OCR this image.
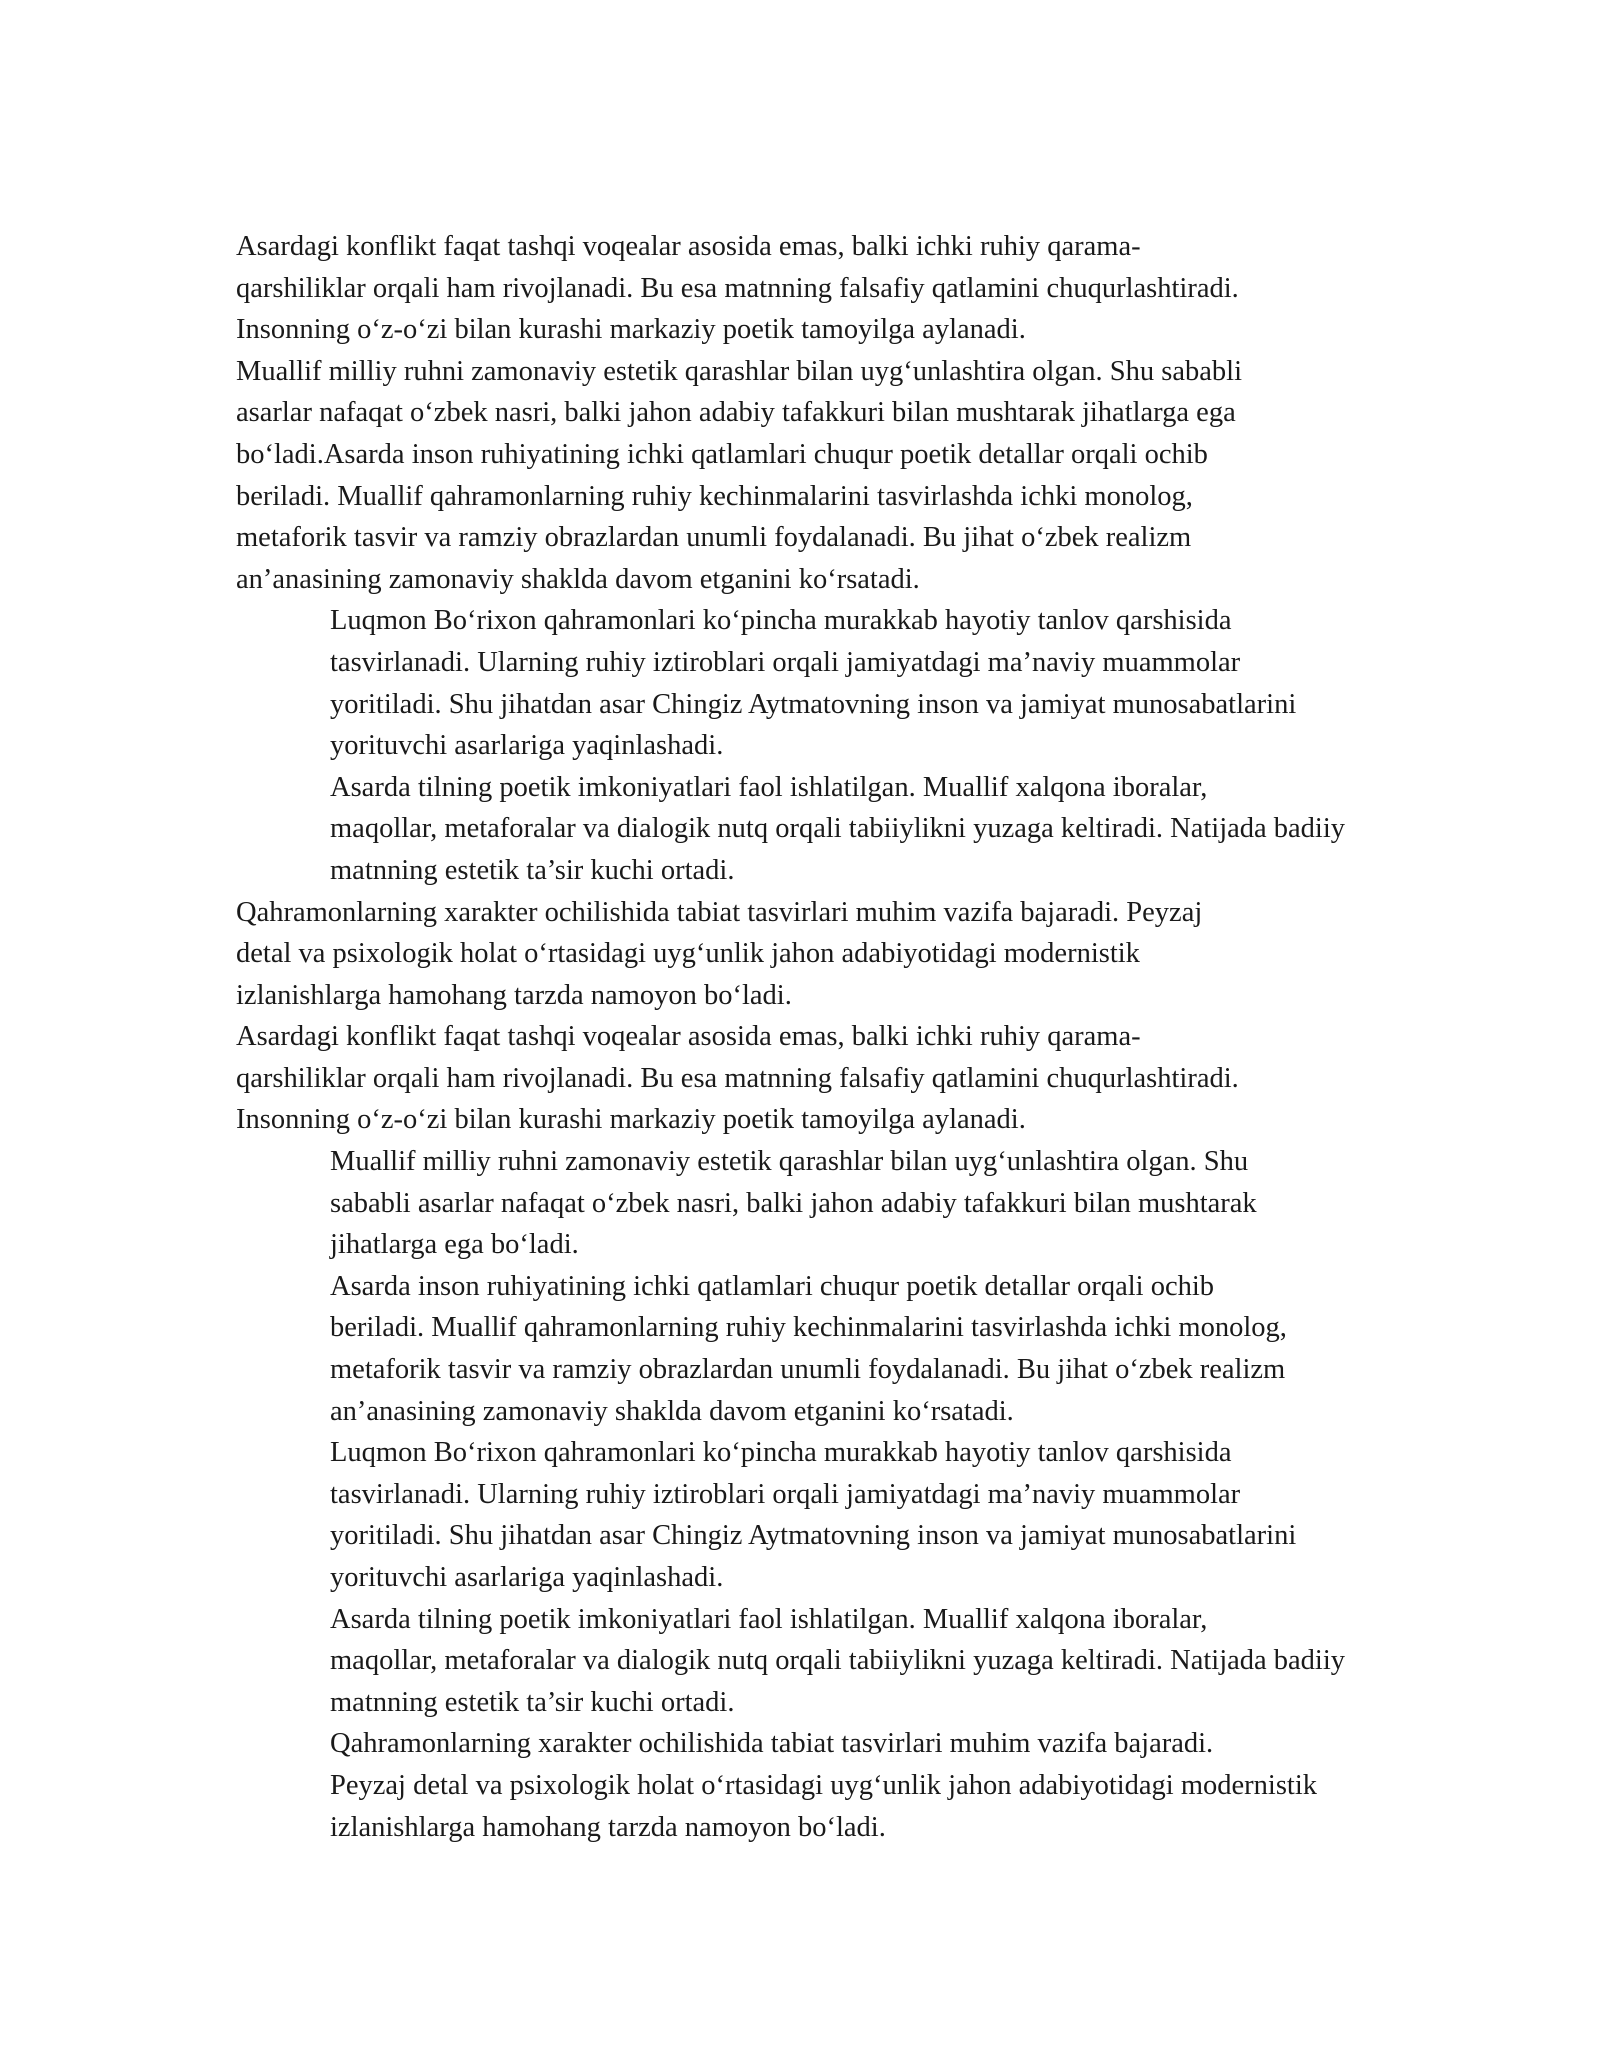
Asardagi konflikt faqat tashqi voqealar asosida emas, balki ichki ruhiy qarama-
qarshiliklar orqali ham rivojlanadi. Bu esa matnning falsafiy qatlamini chuqurlashtiradi.
Insonning o‘z-o‘zi bilan kurashi markaziy poetik tamoyilga aylanadi.

Muallif milliy ruhni zamonaviy estetik qarashlar bilan uyg‘unlashtira olgan. Shu sababli
asarlar nafaqat o‘zbek nasri, balki jahon adabiy tafakkuri bilan mushtarak jihatlarga ega
bo‘ladi.Asarda inson ruhiyatining ichki qatlamlari chuqur poetik detallar orqali ochib
beriladi. Muallif qahramonlarning ruhiy kechinmalarini tasvirlashda ichki monolog,
metaforik tasvir va ramziy obrazlardan unumli foydalanadi. Bu jihat o‘zbek realizm
an’anasining zamonaviy shaklda davom etganini ko‘rsatadi.

Luqmon Bo‘rixon qahramonlari ko‘pincha murakkab hayotiy tanlov qarshisida
tasvirlanadi. Ularning ruhiy iztiroblari orqali jamiyatdagi ma’naviy muammolar
yoritiladi. Shu jihatdan asar Chingiz Aytmatovning inson va jamiyat munosabatlarini
yorituvchi asarlariga yaqinlashadi.

Asarda tilning poetik imkoniyatlari faol ishlatilgan. Muallif xalqona iboralar,
maqollar, metaforalar va dialogik nutq orqali tabiiylikni yuzaga keltiradi. Natijada badiiy
matnning estetik ta’sir kuchi ortadi.

Qahramonlarning xarakter ochilishida tabiat tasvirlari muhim vazifa bajaradi. Peyzaj
detal va psixologik holat o‘rtasidagi uyg‘unlik jahon adabiyotidagi modernistik
izlanishlarga hamohang tarzda namoyon bo‘ladi.

Asardagi konflikt faqat tashqi voqealar asosida emas, balki ichki ruhiy qarama-
qarshiliklar orqali ham rivojlanadi. Bu esa matnning falsafiy qatlamini chuqurlashtiradi.
Insonning o‘z-o‘zi bilan kurashi markaziy poetik tamoyilga aylanadi.

Muallif milliy ruhni zamonaviy estetik qarashlar bilan uyg‘unlashtira olgan. Shu
sababli asarlar nafaqat o‘zbek nasri, balki jahon adabiy tafakkuri bilan mushtarak
jihatlarga ega bo‘ladi.

Asarda inson ruhiyatining ichki qatlamlari chuqur poetik detallar orqali ochib
beriladi. Muallif qahramonlarning ruhiy kechinmalarini tasvirlashda ichki monolog,
metaforik tasvir va ramziy obrazlardan unumli foydalanadi. Bu jihat o‘zbek realizm
an’anasining zamonaviy shaklda davom etganini ko‘rsatadi.

Luqmon Bo‘rixon qahramonlari ko‘pincha murakkab hayotiy tanlov qarshisida
tasvirlanadi. Ularning ruhiy iztiroblari orqali jamiyatdagi ma’naviy muammolar
yoritiladi. Shu jihatdan asar Chingiz Aytmatovning inson va jamiyat munosabatlarini
yorituvchi asarlariga yaqinlashadi.

Asarda tilning poetik imkoniyatlari faol ishlatilgan. Muallif xalqona iboralar,
maqollar, metaforalar va dialogik nutq orqali tabiiylikni yuzaga keltiradi. Natijada badiiy
matnning estetik ta’sir kuchi ortadi.

Qahramonlarning xarakter ochilishida tabiat tasvirlari muhim vazifa bajaradi.
Peyzaj detal va psixologik holat o‘rtasidagi uyg‘unlik jahon adabiyotidagi modernistik
izlanishlarga hamohang tarzda namoyon bo‘ladi.
